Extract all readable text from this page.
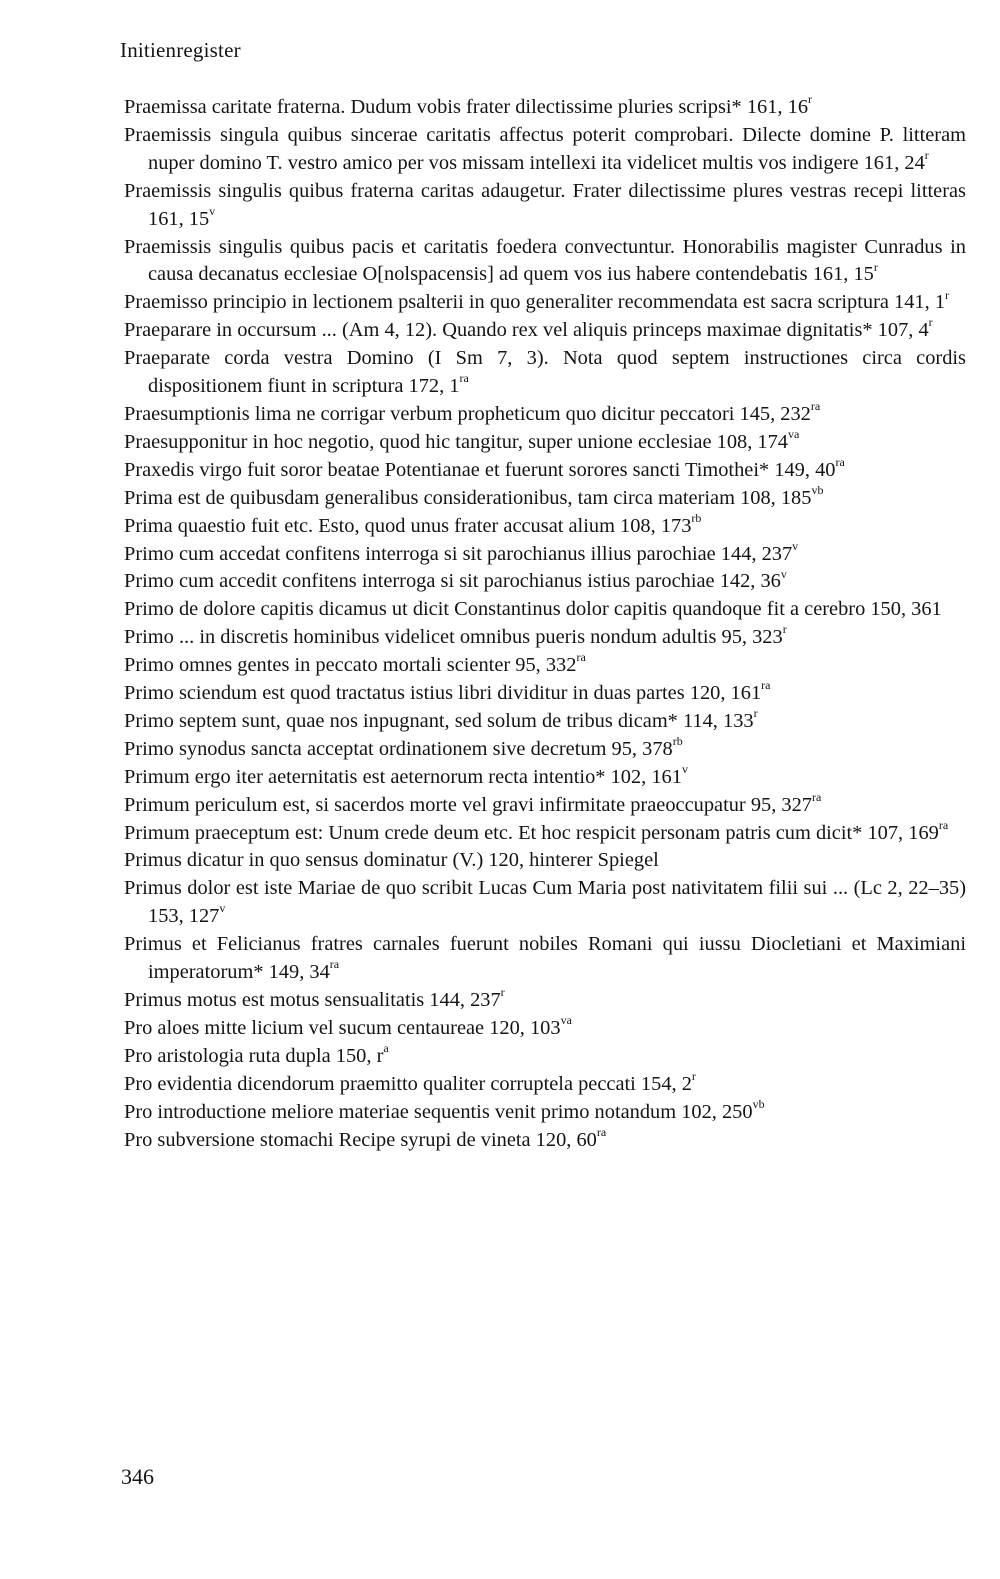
Initienregister

Praemissa caritate fraterna. Dudum vobis frater dilectissime pluries scripsi* 161, 16$^r$

Praemissis singula quibus sincerae caritatis affectus poterit comprobari. Dilecte domine P. litteram nuper domino T. vestro amico per vos missam intellexi ita videlicet multis vos indigere 161, 24$^r$

Praemissis singulis quibus fraterna caritas adaugetur. Frater dilectissime plures vestras recepi litteras 161, 15$^v$

Praemissis singulis quibus pacis et caritatis foedera convectuntur. Honorabilis magister Cunradus in causa decanatus ecclesiae O[nolspacensis] ad quem vos ius habere contendebatis 161, 15$^r$

Praemisso principio in lectionem psalterii in quo generaliter recommendata est sacra scriptura 141, 1$^r$

Praeparare in occursum ... (Am 4, 12). Quando rex vel aliquis princeps maximae dignitatis* 107, 4$^r$

Praeparate corda vestra Domino (I Sm 7, 3). Nota quod septem instructiones circa cordis dispositionem fiunt in scriptura 172, $1^{ra}$

Praesumptionis lima ne corrigar verbum propheticum quo dicitur peccatori 145, $232^{ra}$

Praesupponitur in hoc negotio, quod hic tangitur, super unione ecclesiae 108, $174^{va}$

Praxedis virgo fuit soror beatae Potentianae et fuerunt sorores sancti Timothei* 149, $40^{ra}$

Prima est de quibusdam generalibus considerationibus, tam circa materiam 108, $185^{vb}$

Prima quaestio fuit etc. Esto, quod unus frater accusat alium 108, $173^{rb}$

Primo cum accedat confitens interroga si sit parochianus illius parochiae 144, 237$^v$

Primo cum accedit confitens interroga si sit parochianus istius parochiae 142, 36$^v$

Primo de dolore capitis dicamus ut dicit Constantinus dolor capitis quandoque fit a cerebro 150, 361

Primo ... in discretis hominibus videlicet omnibus pueris nondum adultis 95, 323$^r$

Primo omnes gentes in peccato mortali scienter 95, $332^{ra}$

Primo sciendum est quod tractatus istius libri dividitur in duas partes 120, $161^{ra}$

Primo septem sunt, quae nos inpugnant, sed solum de tribus dicam* 114, 133$^r$

Primo synodus sancta acceptat ordinationem sive decretum 95, $378^{rb}$

Primum ergo iter aeternitatis est aeternorum recta intentio* 102, 161$^v$

Primum periculum est, si sacerdos morte vel gravi infirmitate praeoccupatur 95, $327^{ra}$

Primum praeceptum est: Unum crede deum etc. Et hoc respicit personam patris cum dicit* 107, $169^{ra}$

Primus dicatur in quo sensus dominatur (V.) 120, hinterer Spiegel

Primus dolor est iste Mariae de quo scribit Lucas Cum Maria post nativitatem filii sui ... (Lc 2, 22–35) 153, 127$^v$

Primus et Felicianus fratres carnales fuerunt nobiles Romani qui iussu Diocletiani et Maximiani imperatorum* 149, $34^{ra}$

Primus motus est motus sensualitatis 144, 237$^r$

Pro aloes mitte licium vel sucum centaureae 120, $103^{va}$

Pro aristologia ruta dupla 150, $r^a$

Pro evidentia dicendorum praemitto qualiter corruptela peccati 154, 2$^r$

Pro introductione meliore materiae sequentis venit primo notandum 102, $250^{vb}$

Pro subversione stomachi Recipe syrupi de vineta 120, $60^{ra}$

346
